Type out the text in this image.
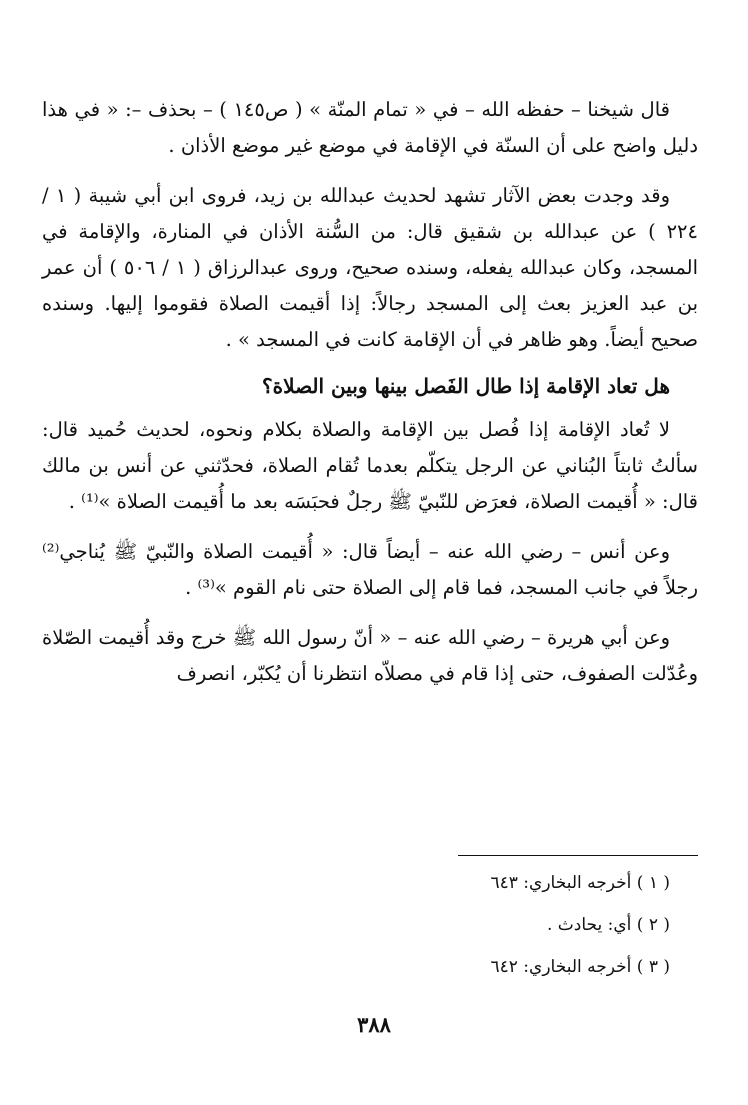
قال شيخنا – حفظه الله – في « تمام المنّة » ( ص١٤٥ ) – بحذف –: « في هذا دليل واضح على أن السنّة في الإقامة في موضع غير موضع الأذان .

وقد وجدت بعض الآثار تشهد لحديث عبدالله بن زيد، فروى ابن أبي شيبة ( ١ / ٢٢٤ ) عن عبدالله بن شقيق قال: من السُّنة الأذان في المنارة، والإقامة في المسجد، وكان عبدالله يفعله، وسنده صحيح، وروى عبدالرزاق ( ١ / ٥٠٦ ) أن عمر بن عبد العزيز بعث إلى المسجد رجالاً: إذا أقيمت الصلاة فقوموا إليها. وسنده صحيح أيضاً. وهو ظاهر في أن الإقامة كانت في المسجد » .

هل تعاد الإقامة إذا طال الفَصل بينها وبين الصلاة؟

لا تُعاد الإقامة إذا فُصل بين الإقامة والصلاة بكلام ونحوه، لحديث حُميد قال: سألتُ ثابتاً البُناني عن الرجل يتكلّم بعدما تُقام الصلاة، فحدّثني عن أنس بن مالك قال: « أُقيمت الصلاة، فعرَض للنّبيّ ﷺ رجلٌ فحبَسَه بعد ما أُقيمت الصلاة »⁽¹⁾ .

وعن أنس – رضي الله عنه – أيضاً قال: « أُقيمت الصلاة والنّبيّ ﷺ يُناجي⁽²⁾ رجلاً في جانب المسجد، فما قام إلى الصلاة حتى نام القوم »⁽³⁾ .

وعن أبي هريرة – رضي الله عنه – « أنّ رسول الله ﷺ خرج وقد أُقيمت الصّلاة وعُدّلت الصفوف، حتى إذا قام في مصلاّه انتظرنا أن يُكبّر، انصرف

( ١ ) أخرجه البخاري: ٦٤٣
( ٢ ) أي: يحادث .
( ٣ ) أخرجه البخاري: ٦٤٢
٣٨٨
